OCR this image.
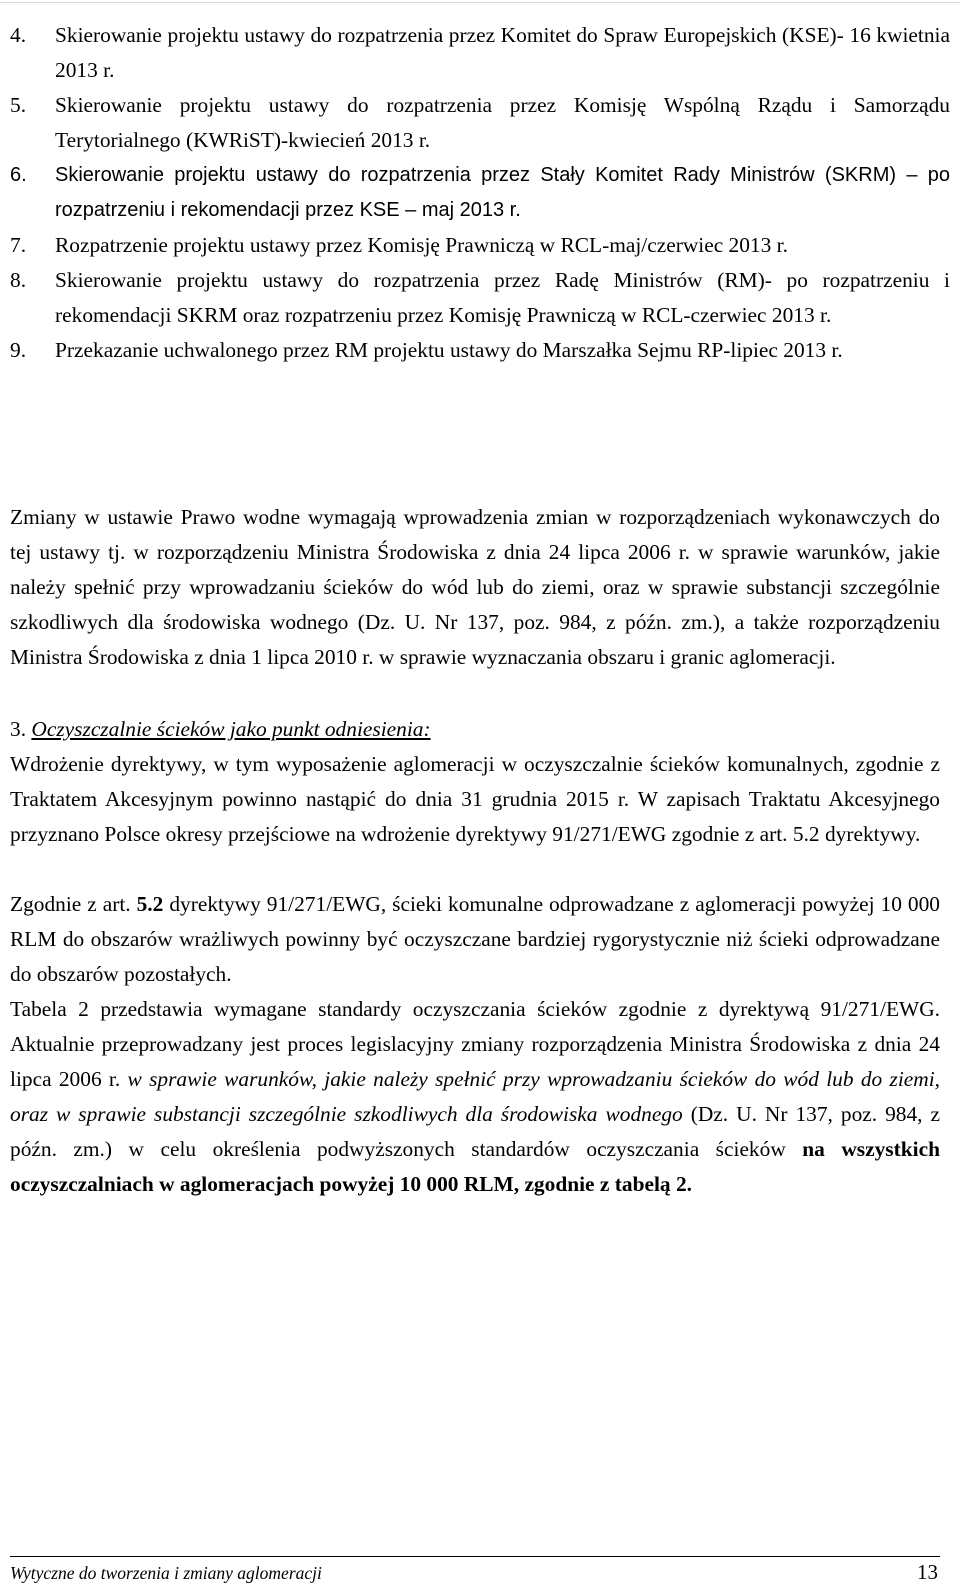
4. Skierowanie projektu ustawy do rozpatrzenia przez Komitet do Spraw Europejskich (KSE)- 16 kwietnia 2013 r.
5. Skierowanie projektu ustawy do rozpatrzenia przez Komisję Wspólną Rządu i Samorządu Terytorialnego (KWRiST)-kwiecień 2013 r.
6. Skierowanie projektu ustawy do rozpatrzenia przez Stały Komitet Rady Ministrów (SKRM) – po rozpatrzeniu i rekomendacji przez KSE – maj 2013 r.
7. Rozpatrzenie projektu ustawy przez Komisję Prawniczą w RCL-maj/czerwiec 2013 r.
8. Skierowanie projektu ustawy do rozpatrzenia przez Radę Ministrów (RM)- po rozpatrzeniu i rekomendacji SKRM oraz rozpatrzeniu przez Komisję Prawniczą w RCL-czerwiec 2013 r.
9. Przekazanie uchwalonego przez RM projektu ustawy do Marszałka Sejmu RP-lipiec 2013 r.

Zmiany w ustawie Prawo wodne wymagają wprowadzenia zmian w rozporządzeniach wykonawczych do tej ustawy tj. w rozporządzeniu Ministra Środowiska z dnia 24 lipca 2006 r. w sprawie warunków, jakie należy spełnić przy wprowadzaniu ścieków do wód lub do ziemi, oraz w sprawie substancji szczególnie szkodliwych dla środowiska wodnego (Dz. U. Nr 137, poz. 984, z późn. zm.), a także rozporządzeniu Ministra Środowiska z dnia 1 lipca 2010 r. w sprawie wyznaczania obszaru i granic aglomeracji.

3. Oczyszczalnie ścieków jako punkt odniesienia:

Wdrożenie dyrektywy, w tym wyposażenie aglomeracji w oczyszczalnie ścieków komunalnych, zgodnie z Traktatem Akcesyjnym powinno nastąpić do dnia 31 grudnia 2015 r. W zapisach Traktatu Akcesyjnego przyznano Polsce okresy przejściowe na wdrożenie dyrektywy 91/271/EWG zgodnie z art. 5.2 dyrektywy.

Zgodnie z art. 5.2 dyrektywy 91/271/EWG, ścieki komunalne odprowadzane z aglomeracji powyżej 10 000 RLM do obszarów wrażliwych powinny być oczyszczane bardziej rygorystycznie niż ścieki odprowadzane do obszarów pozostałych.

Tabela 2 przedstawia wymagane standardy oczyszczania ścieków zgodnie z dyrektywą 91/271/EWG. Aktualnie przeprowadzany jest proces legislacyjny zmiany rozporządzenia Ministra Środowiska z dnia 24 lipca 2006 r. w sprawie warunków, jakie należy spełnić przy wprowadzaniu ścieków do wód lub do ziemi, oraz w sprawie substancji szczególnie szkodliwych dla środowiska wodnego (Dz. U. Nr 137, poz. 984, z późn. zm.) w celu określenia podwyższonych standardów oczyszczania ścieków na wszystkich oczyszczalniach w aglomeracjach powyżej 10 000 RLM, zgodnie z tabelą 2.

Wytyczne do tworzenia i zmiany aglomeracji	13
